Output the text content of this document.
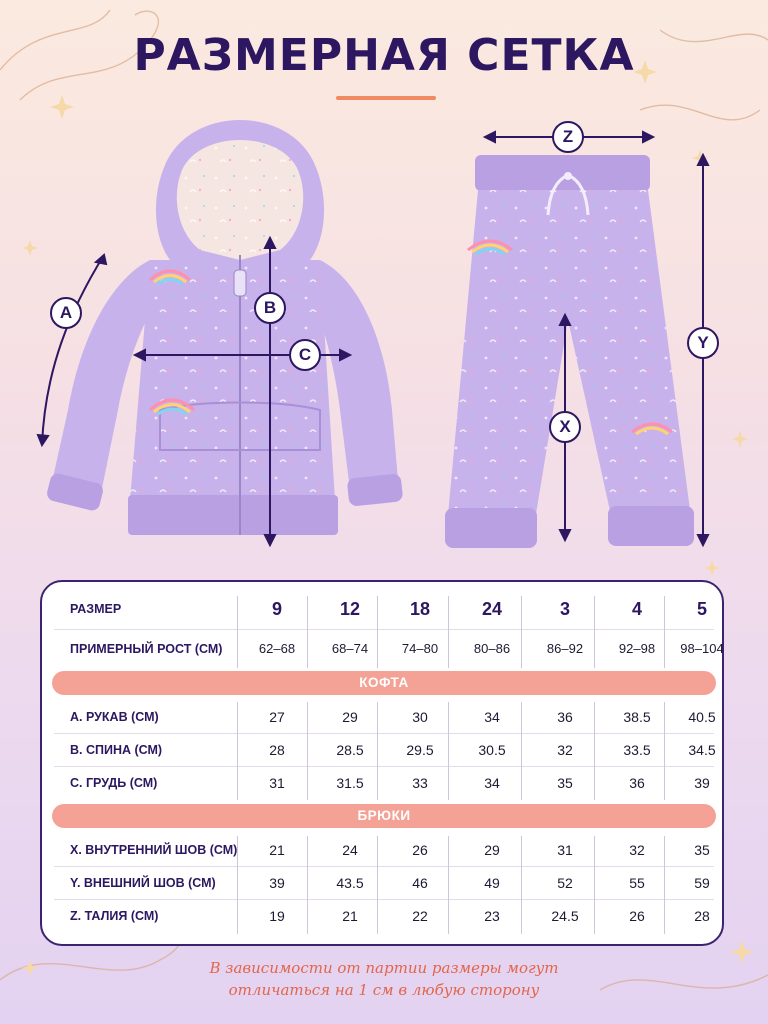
РАЗМЕРНАЯ СЕТКА
A	B
C
Z
Y
X
РАЗМЕР	9	12	18	24	3	4	5
ПРИМЕРНЫЙ РОСТ (СМ)	62–68	68–74	74–80	80–86	86–92	92–98	98–104
КОФТА
A. РУКАВ (СМ)	27	29	30	34	36	38.5	40.5
B. СПИНА (СМ)	28	28.5	29.5	30.5	32	33.5	34.5
C. ГРУДЬ (СМ)	31	31.5	33	34	35	36	39
БРЮКИ
X. ВНУТРЕННИЙ ШОВ (СМ)	21	24	26	29	31	32	35
Y. ВНЕШНИЙ ШОВ (СМ)	39	43.5	46	49	52	55	59
Z. ТАЛИЯ (СМ)	19	21	22	23	24.5	26	28
В зависимости от партии размеры могут
отличаться на 1 см в любую сторону
